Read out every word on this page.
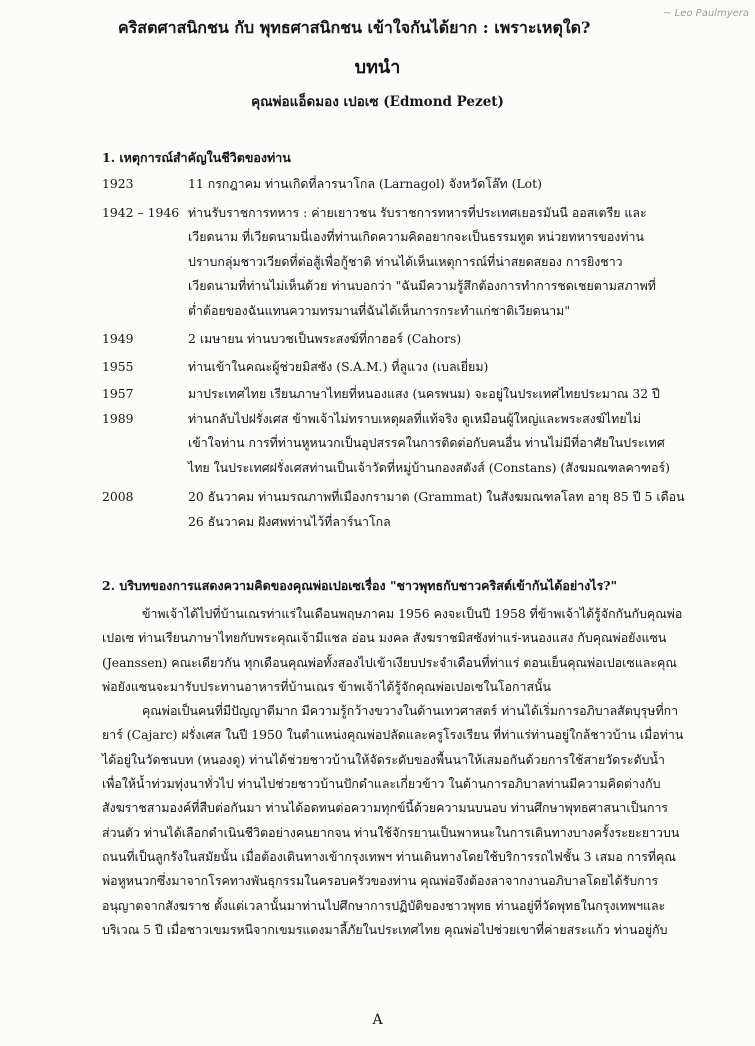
~ Leo Paulmyera
คริสตศาสนิกชน กับ พุทธศาสนิกชน เข้าใจกันได้ยาก : เพราะเหตุใด?
บทนำ
คุณพ่อแอ็ดมอง เปอเซ (Edmond Pezet)
1. เหตุการณ์สำคัญในชีวิตของท่าน
1923	11 กรกฎาคม ท่านเกิดที่ลารนาโกล (Larnagol) จังหวัดโล๊ท (Lot)
1942 – 1946 ท่านรับราชการทหาร : ค่ายเยาวชน รับราชการทหารที่ประเทศเยอรมันนี ออสเตรีย และ
เวียดนาม ที่เวียดนามนี่เองที่ท่านเกิดความคิดอยากจะเป็นธรรมทูต หน่วยทหารของท่าน
ปราบกลุ่มชาวเวียดที่ต่อสู้เพื่อกู้ชาติ ท่านได้เห็นเหตุการณ์ที่น่าสยดสยอง การยิงชาว
เวียดนามที่ท่านไม่เห็นด้วย ท่านบอกว่า "ฉันมีความรู้สึกต้องการทำการชดเชยตามสภาพที่
ต่ำต้อยของฉันแทนความทรมานที่ฉันได้เห็นการกระทำแก่ชาติเวียดนาม"
1949	2 เมษายน ท่านบวชเป็นพระสงฆ์ที่กาฮอร์ (Cahors)
1955	ท่านเข้าในคณะผู้ช่วยมิสซัง (S.A.M.) ที่ลูแวง (เบลเยี่ยม)
1957	มาประเทศไทย เรียนภาษาไทยที่หนองแสง (นครพนม) จะอยู่ในประเทศไทยประมาณ 32 ปี
1989	ท่านกลับไปฝรั่งเศส ข้าพเจ้าไม่ทราบเหตุผลที่แท้จริง ดูเหมือนผู้ใหญ่และพระสงฆ์ไทยไม่
เข้าใจท่าน การที่ท่านหูหนวกเป็นอุปสรรคในการติดต่อกับคนอื่น ท่านไม่มีที่อาศัยในประเทศ
ไทย ในประเทศฝรั่งเศสท่านเป็นเจ้าวัดที่หมู่บ้านกองสตังส์ (Constans) (สังฆมณฑลคาฑอร์)
2008	20 ธันวาคม ท่านมรณภาพที่เมืองกรามาต (Grammat) ในสังฆมณฑลโลท อายุ 85 ปี 5 เดือน
26 ธันวาคม ฝังศพท่านไว้ที่ลาร์นาโกล
2. บริบทของการแสดงความคิดของคุณพ่อเปอเซเรื่อง "ชาวพุทธกับชาวคริสต์เข้ากันได้อย่างไร?"
ข้าพเจ้าได้ไปที่บ้านเณรท่าแร่ในเดือนพฤษภาคม 1956 คงจะเป็นปี 1958 ที่ข้าพเจ้าได้รู้จักกันกับคุณพ่อ
เปอเซ ท่านเรียนภาษาไทยกับพระคุณเจ้ามีแชล อ่อน มงคล สังฆราชมิสซังท่าแร่-หนองแสง กับคุณพ่อยังแซน
(Jeanssen) คณะเดียวกัน ทุกเดือนคุณพ่อทั้งสองไปเข้าเงียบประจำเดือนที่ท่าแร่ ตอนเย็นคุณพ่อเปอเซและคุณ
พ่อยังแซนจะมารับประทานอาหารที่บ้านเณร ข้าพเจ้าได้รู้จักคุณพ่อเปอเซในโอกาสนั้น
คุณพ่อเป็นคนที่มีปัญญาดีมาก มีความรู้กว้างขวางในด้านเทวศาสตร์ ท่านได้เริ่มการอภิบาลสัตบุรุษที่กา
ยาร์ (Cajarc) ฝรั่งเศส ในปี 1950 ในตำแหน่งคุณพ่อปลัดและครูโรงเรียน ที่ท่าแร่ท่านอยู่ใกล้ชาวบ้าน เมื่อท่าน
ได้อยู่ในวัดชนบท (หนองดู) ท่านได้ช่วยชาวบ้านให้จัดระดับของพื้นนาให้เสมอกันด้วยการใช้สายวัดระดับน้ำ
เพื่อให้น้ำท่วมทุ่งนาทั่วไป ท่านไปช่วยชาวบ้านปักดำและเกี่ยวข้าว ในด้านการอภิบาลท่านมีความคิดต่างกับ
สังฆราชสามองค์ที่สืบต่อกันมา ท่านได้อดทนต่อความทุกข์นี้ด้วยความนบนอบ ท่านศึกษาพุทธศาสนาเป็นการ
ส่วนตัว ท่านได้เลือกดำเนินชีวิตอย่างคนยากจน ท่านใช้จักรยานเป็นพาหนะในการเดินทางบางครั้งระยะยาวบน
ถนนที่เป็นลูกรังในสมัยนั้น เมื่อต้องเดินทางเข้ากรุงเทพฯ ท่านเดินทางโดยใช้บริการรถไฟชั้น 3 เสมอ การที่คุณ
พ่อหูหนวกซึ่งมาจากโรคทางพันธุกรรมในครอบครัวของท่าน คุณพ่อจึงต้องลาจากงานอภิบาลโดยได้รับการ
อนุญาตจากสังฆราช ตั้งแต่เวลานั้นมาท่านไปศึกษาการปฏิบัติของชาวพุทธ ท่านอยู่ที่วัดพุทธในกรุงเทพฯและ
บริเวณ 5 ปี เมื่อชาวเขมรหนีจากเขมรแดงมาลี้ภัยในประเทศไทย คุณพ่อไปช่วยเขาที่ค่ายสระแก้ว ท่านอยู่กับ
A
